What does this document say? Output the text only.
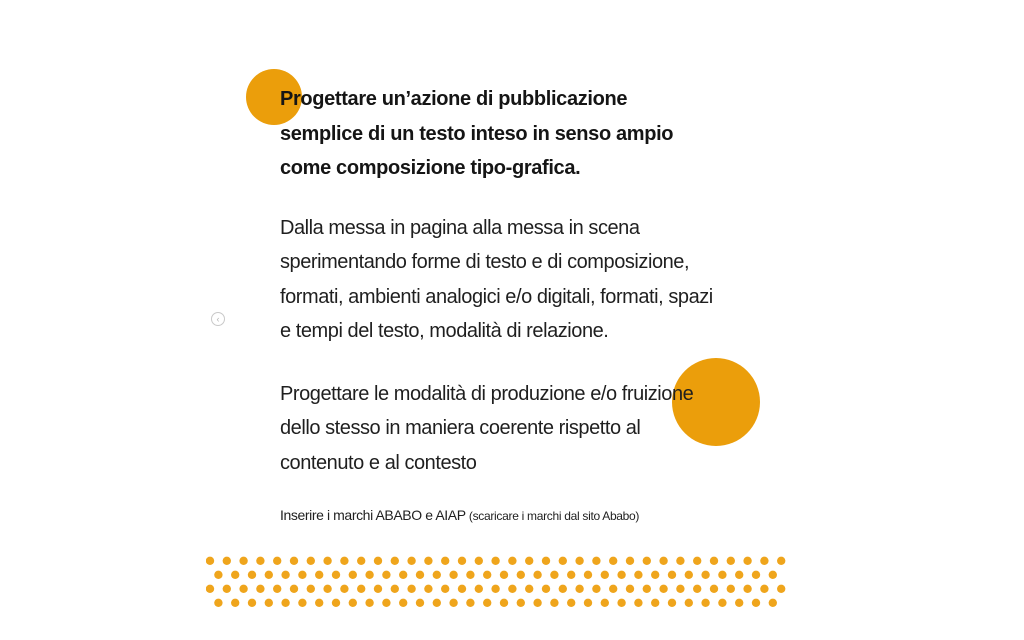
‹

Progettare un’azione di pubblicazione
semplice di un testo inteso in senso ampio
come composizione tipo-grafica.

Dalla messa in pagina alla messa in scena
sperimentando forme di testo e di composizione,
formati, ambienti analogici e/o digitali, formati, spazi
e tempi del testo, modalità di relazione.

Progettare le modalità di produzione e/o fruizione
dello stesso in maniera coerente rispetto al
contenuto e al contesto

Inserire i marchi ABABO e AIAP (scaricare i marchi dal sito Ababo)
